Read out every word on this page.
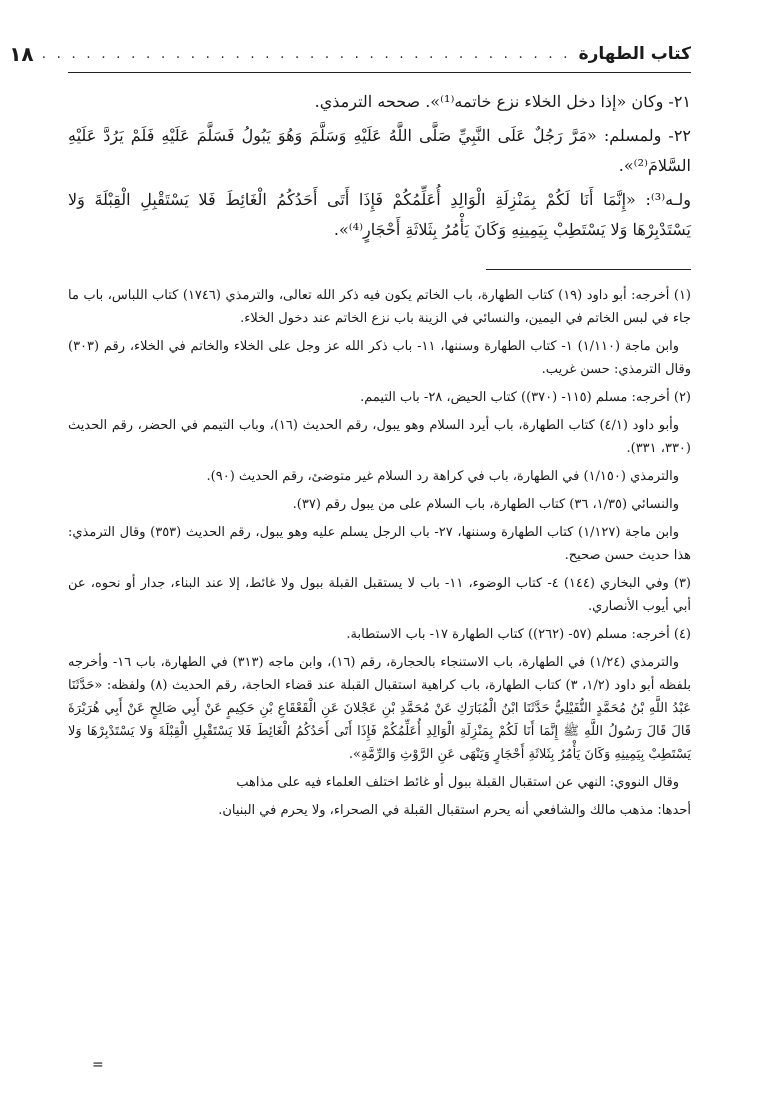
كتاب الطهارة
. . . . . . . . . . . . . . . . . . . . . . . . . . . . . . . . . . . .
١٨

٢١- وكان «إذا دخل الخلاء نزع خاتمه⁽¹⁾». صححه الترمذي.

٢٢- ولمسلم: «مَرَّ رَجُلٌ عَلَى النَّبِيِّ صَلَّى اللَّهُ عَلَيْهِ وَسَلَّمَ وَهُوَ يَبُولُ فَسَلَّمَ عَلَيْهِ فَلَمْ يَرُدَّ عَلَيْهِ السَّلامَ⁽²⁾».

ولـه⁽³⁾: «إِنَّمَا أَنَا لَكُمْ بِمَنْزِلَةِ الْوَالِدِ أُعَلِّمُكُمْ فَإِذَا أَتَى أَحَدُكُمُ الْغَائِطَ فَلا يَسْتَقْبِلِ الْقِبْلَةَ وَلا يَسْتَدْبِرْهَا وَلا يَسْتَطِبْ بِيَمِينِهِ وَكَانَ يَأْمُرُ بِثَلاثَةِ أَحْجَارٍ⁽⁴⁾».

(١) أخرجه: أبو داود (١٩) كتاب الطهارة، باب الخاتم يكون فيه ذكر الله تعالى، والترمذي (١٧٤٦) كتاب اللباس، باب ما جاء في لبس الخاتم في اليمين، والنسائي في الزينة باب نزع الخاتم عند دخول الخلاء.

وابن ماجة (١/١١٠) ١- كتاب الطهارة وسننها، ١١- باب ذكر الله عز وجل على الخلاء والخاتم في الخلاء، رقم (٣٠٣) وقال الترمذي: حسن غريب.

(٢) أخرجه: مسلم (١١٥- (٣٧٠)) كتاب الحيض، ٢٨- باب التيمم.

وأبو داود (٤/١) كتاب الطهارة، باب أيرد السلام وهو يبول، رقم الحديث (١٦)، وباب التيمم في الحضر، رقم الحديث (٣٣٠، ٣٣١).

والترمذي (١/١٥٠) في الطهارة، باب في كراهة رد السلام غير متوضئ، رقم الحديث (٩٠).

والنسائي (١/٣٥، ٣٦) كتاب الطهارة، باب السلام على من يبول رقم (٣٧).

وابن ماجة (١/١٢٧) كتاب الطهارة وسننها، ٢٧- باب الرجل يسلم عليه وهو يبول، رقم الحديث (٣٥٣) وقال الترمذي: هذا حديث حسن صحيح.

(٣) وفي البخاري (١٤٤) ٤- كتاب الوضوء، ١١- باب لا يستقبل القبلة ببول ولا غائط، إلا عند البناء، جدار أو نحوه، عن أبي أيوب الأنصاري.

(٤) أخرجه: مسلم (٥٧- (٢٦٢)) كتاب الطهارة ١٧- باب الاستطابة.

والترمذي (١/٢٤) في الطهارة، باب الاستنجاء بالحجارة، رقم (١٦)، وابن ماجه (٣١٣) في الطهارة، باب ١٦- وأخرجه بلفظه أبو داود (١/٢، ٣) كتاب الطهارة، باب كراهية استقبال القبلة عند قضاء الحاجة، رقم الحديث (٨) ولفظه: «حَدَّثَنَا عَبْدُ اللَّهِ بْنُ مُحَمَّدٍ النُّفَيْلِيُّ حَدَّثَنَا ابْنُ الْمُبَارَكِ عَنْ مُحَمَّدِ بْنِ عَجْلانَ عَنِ الْقَعْقَاعِ بْنِ حَكِيمٍ عَنْ أَبِي صَالِحٍ عَنْ أَبِي هُرَيْرَةَ قَالَ قَالَ رَسُولُ اللَّهِ ﷺ إِنَّمَا أَنَا لَكُمْ بِمَنْزِلَةِ الْوَالِدِ أُعَلِّمُكُمْ فَإِذَا أَتَى أَحَدُكُمُ الْغَائِطَ فَلا يَسْتَقْبِلِ الْقِبْلَةَ وَلا يَسْتَدْبِرْهَا وَلا يَسْتَطِبْ بِيَمِينِهِ وَكَانَ يَأْمُرُ بِثَلاثَةِ أَحْجَارٍ وَيَنْهَى عَنِ الرَّوْثِ وَالرِّمَّةِ».

وقال النووي: النهي عن استقبال القبلة ببول أو غائط اختلف العلماء فيه على مذاهب

أحدها: مذهب مالك والشافعي أنه يحرم استقبال القبلة في الصحراء، ولا يحرم في البنيان.

=
